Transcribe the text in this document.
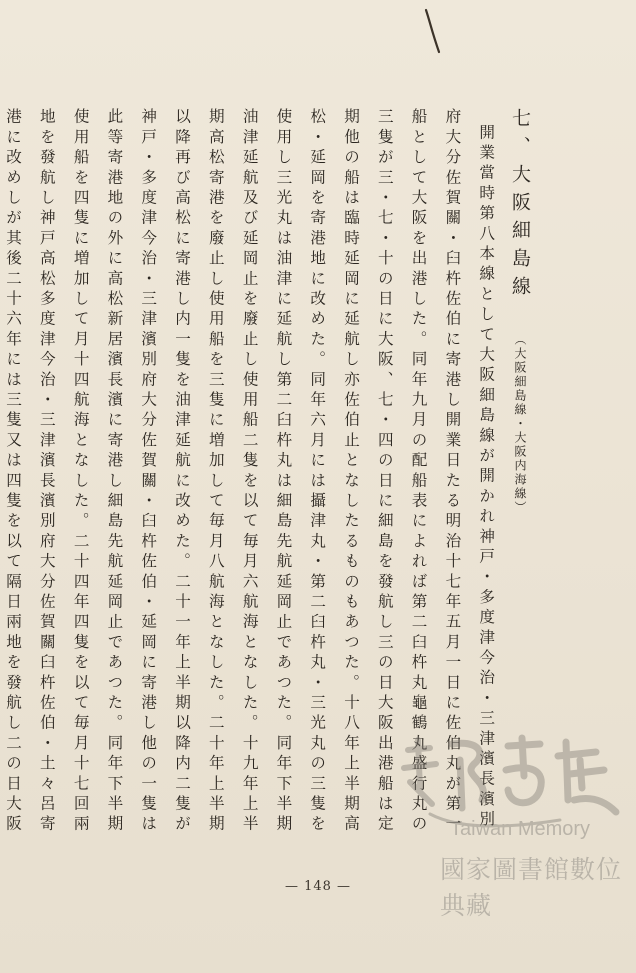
七、大阪細島線 （大阪細島線・大阪内海線）

開業當時第八本線として大阪細島線が開かれ神戸・多度津今治・三津濱長濱別府大分佐賀關・臼杵佐伯に寄港し開業日たる明治十七年五月一日に佐伯丸が第一船として大阪を出港した。同年九月の配船表によれば第二臼杵丸龜鶴丸盛行丸の三隻が三・七・十の日に大阪、七・四の日に細島を發航し三の日大阪出港船は定期他の船は臨時延岡に延航し亦佐伯止となしたるものもあつた。十八年上半期高松・延岡を寄港地に改めた。同年六月には攝津丸・第二臼杵丸・三光丸の三隻を使用し三光丸は油津に延航し第二臼杵丸は細島先航延岡止であつた。同年下半期油津延航及び延岡止を廢止し使用船二隻を以て毎月六航海となした。十九年上半期高松寄港を廢止し使用船を三隻に増加して毎月八航海となした。二十年上半期以降再び高松に寄港し内一隻を油津延航に改めた。二十一年上半期以降内二隻が神戸・多度津今治・三津濱別府大分佐賀關・臼杵佐伯・延岡に寄港し他の一隻は此等寄港地の外に高松新居濱長濱に寄港し細島先航延岡止であつた。同年下半期使用船を四隻に増加して月十四航海となした。二十四年四隻を以て毎月十七回兩地を發航し神戸高松多度津今治・三津濱長濱別府大分佐賀關臼杵佐伯・土々呂寄港に改めしが其後二十六年には三隻又は四隻を以て隔日兩地を發航し二の日大阪

— 148 —
Taiwan Memory
國家圖書館數位典藏
